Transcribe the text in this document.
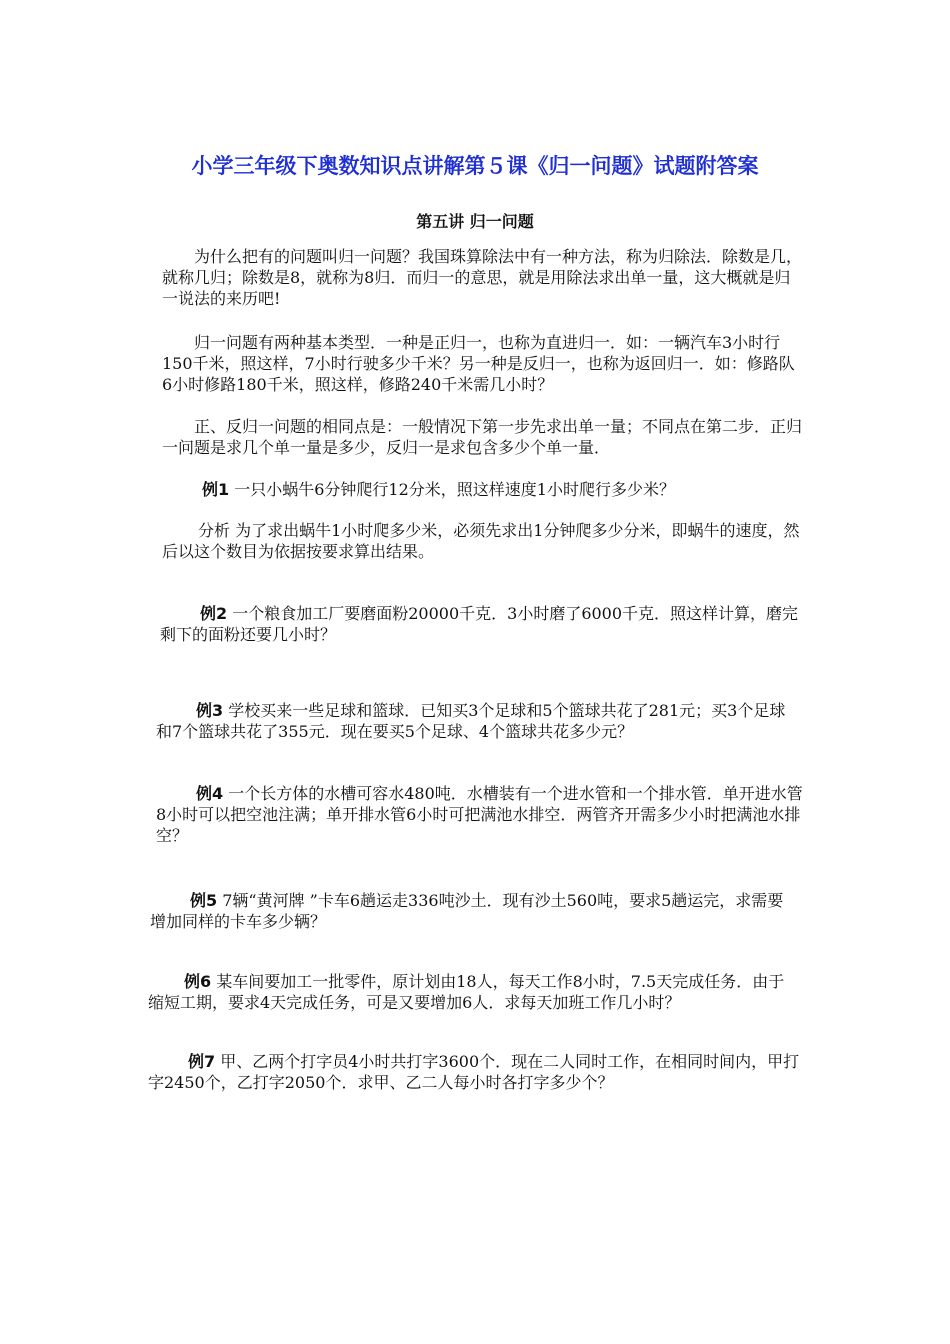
小学三年级下奥数知识点讲解第５课《归一问题》试题附答案
第五讲 归一问题

为什么把有的问题叫归一问题？我国珠算除法中有一种方法，称为归除法．除数是几，就称几归；除数是8，就称为8归．而归一的意思，就是用除法求出单一量，这大概就是归一说法的来历吧!

归一问题有两种基本类型．一种是正归一，也称为直进归一．如：一辆汽车3小时行150千米，照这样，7小时行驶多少千米？另一种是反归一，也称为返回归一．如：修路队6小时修路180千米，照这样，修路240千米需几小时？

正、反归一问题的相同点是：一般情况下第一步先求出单一量；不同点在第二步．正归一问题是求几个单一量是多少，反归一是求包含多少个单一量．

例1 一只小蜗牛6分钟爬行12分米，照这样速度1小时爬行多少米？

分析 为了求出蜗牛1小时爬多少米，必须先求出1分钟爬多少分米，即蜗牛的速度，然后以这个数目为依据按要求算出结果。

例2 一个粮食加工厂要磨面粉20000千克．3小时磨了6000千克．照这样计算，磨完剩下的面粉还要几小时？

例3 学校买来一些足球和篮球．已知买3个足球和5个篮球共花了281元；买3个足球和7个篮球共花了355元．现在要买5个足球、4个篮球共花多少元？

例4 一个长方体的水槽可容水480吨．水槽装有一个进水管和一个排水管．单开进水管8小时可以把空池注满；单开排水管6小时可把满池水排空．两管齐开需多少小时把满池水排空？

例5 7辆“黄河牌 ”卡车6趟运走336吨沙土．现有沙土560吨，要求5趟运完，求需要增加同样的卡车多少辆？

例6 某车间要加工一批零件，原计划由18人，每天工作8小时，7.5天完成任务．由于缩短工期，要求4天完成任务，可是又要增加6人．求每天加班工作几小时？

例7 甲、乙两个打字员4小时共打字3600个．现在二人同时工作，在相同时间内，甲打字2450个，乙打字2050个．求甲、乙二人每小时各打字多少个？
